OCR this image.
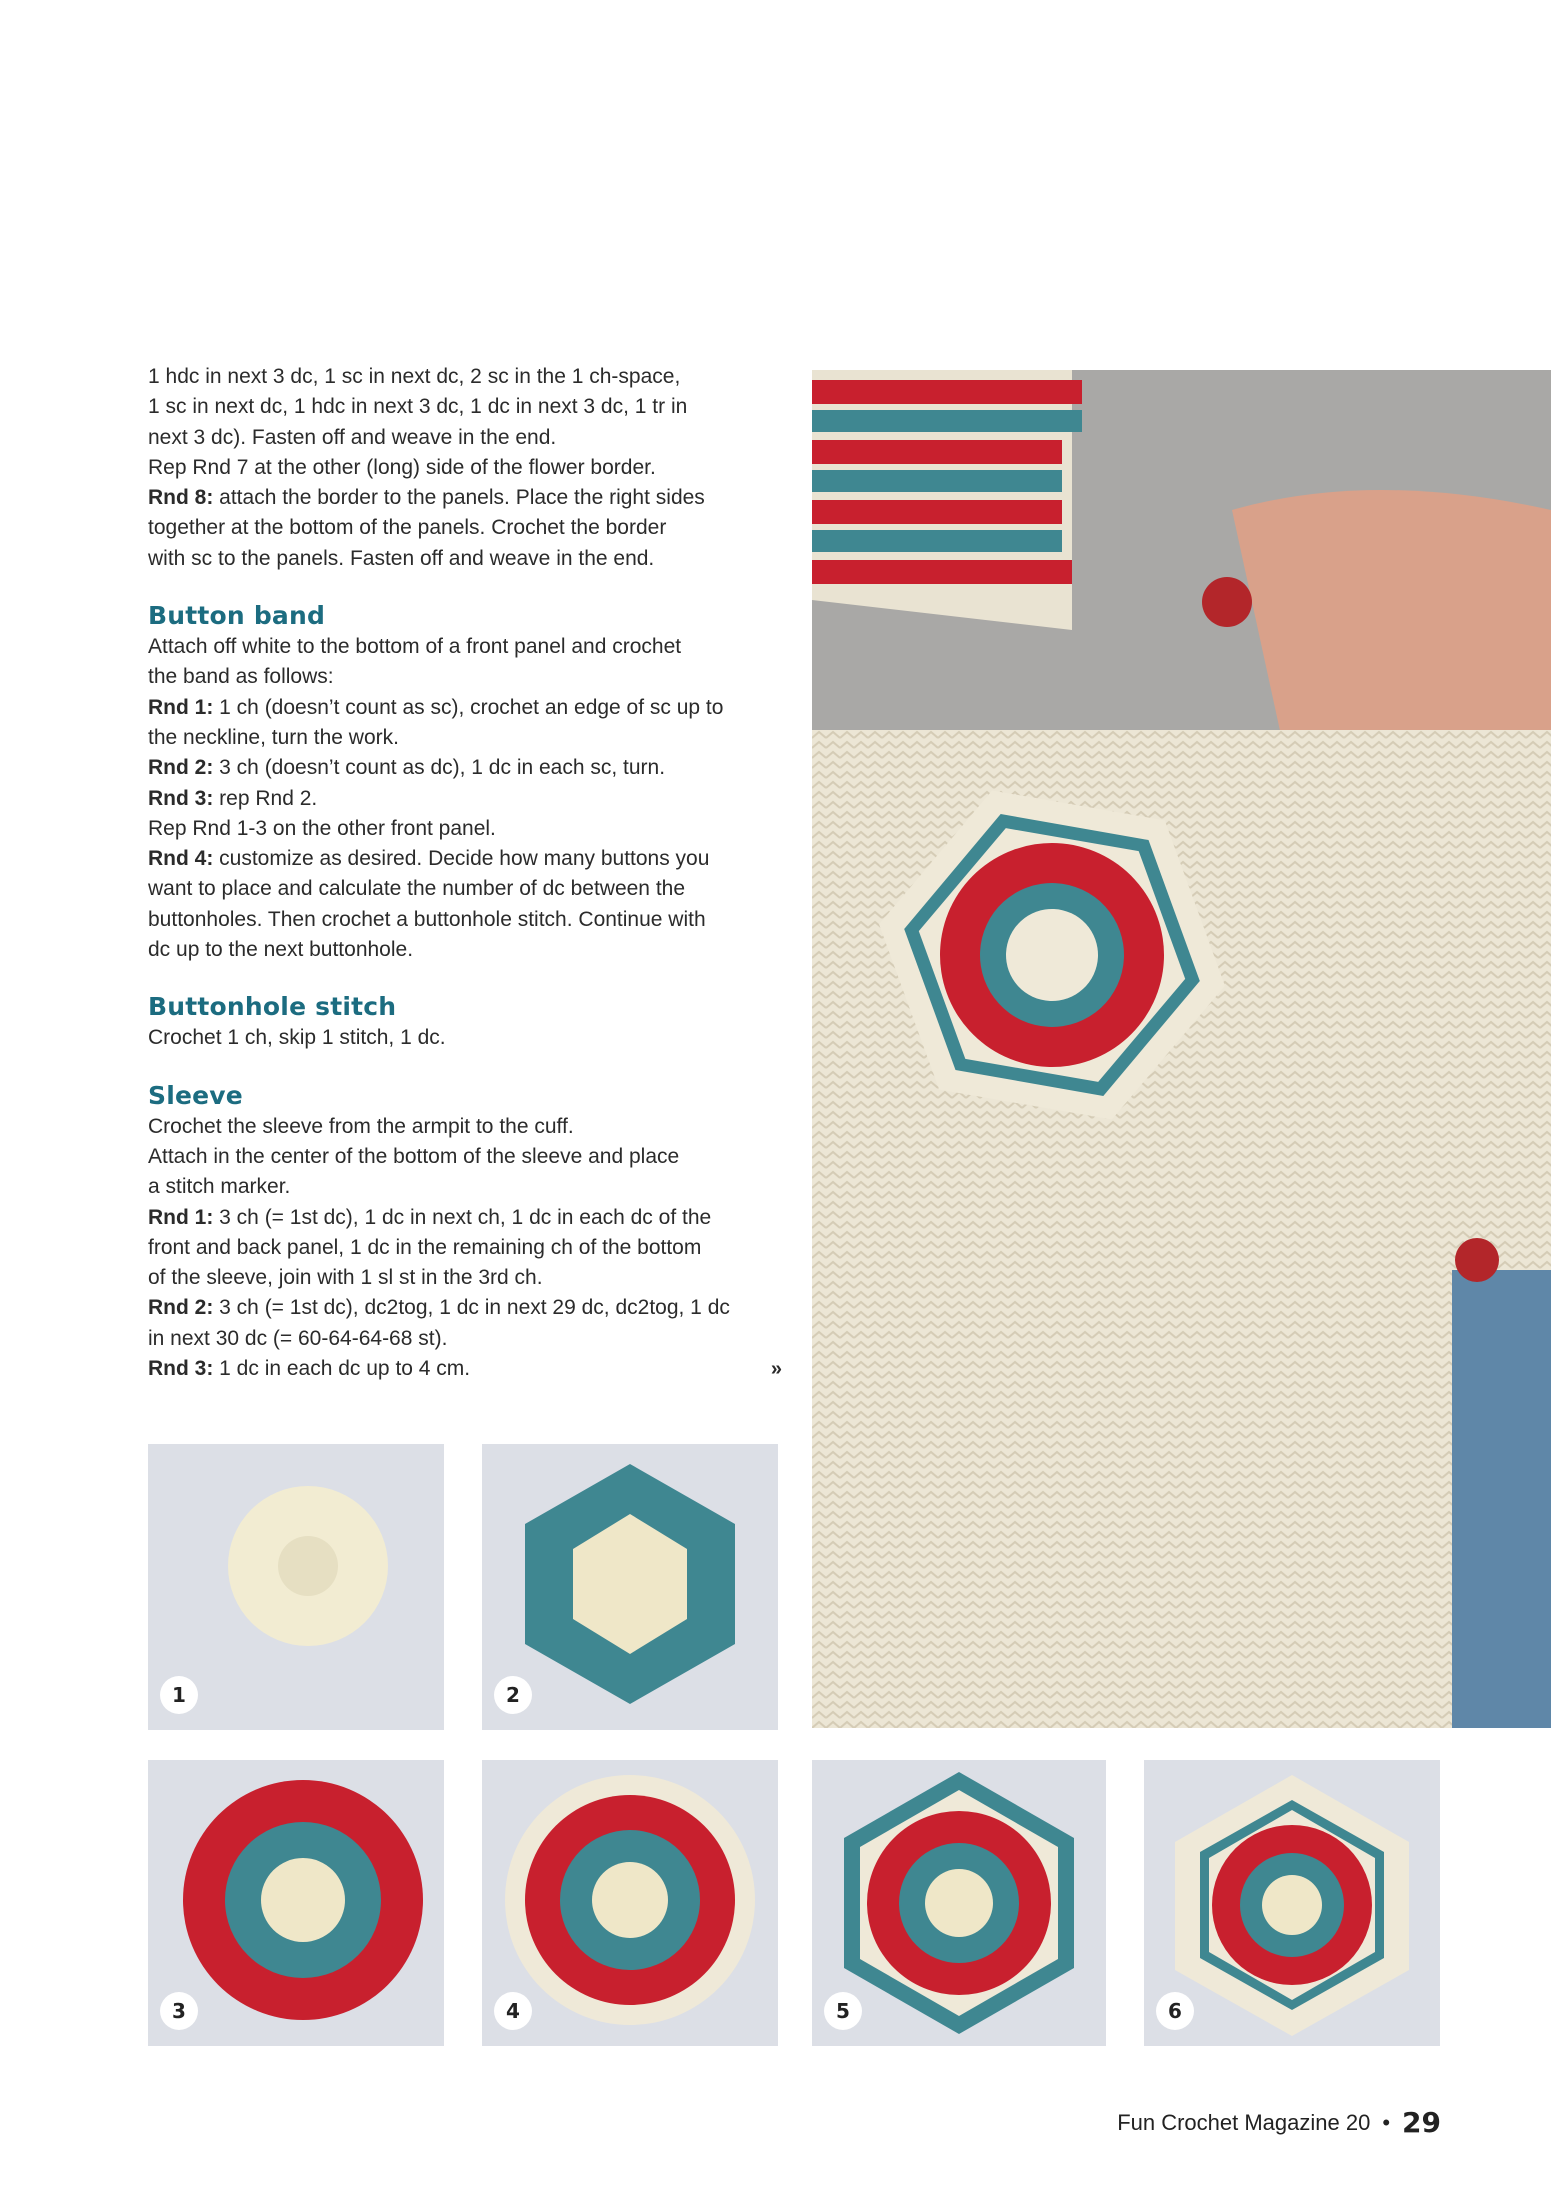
1 hdc in next 3 dc, 1 sc in next dc, 2 sc in the 1 ch-space,

1 sc in next dc, 1 hdc in next 3 dc, 1 dc in next 3 dc, 1 tr in

next 3 dc). Fasten off and weave in the end.

Rep Rnd 7 at the other (long) side of the flower border.

Rnd 8: attach the border to the panels. Place the right sides

together at the bottom of the panels. Crochet the border

with sc to the panels. Fasten off and weave in the end.

Button band

Attach off white to the bottom of a front panel and crochet

the band as follows:

Rnd 1: 1 ch (doesn’t count as sc), crochet an edge of sc up to

the neckline, turn the work.

Rnd 2: 3 ch (doesn’t count as dc), 1 dc in each sc, turn.

Rnd 3: rep Rnd 2.

Rep Rnd 1-3 on the other front panel.

Rnd 4: customize as desired. Decide how many buttons you

want to place and calculate the number of dc between the

buttonholes. Then crochet a buttonhole stitch. Continue with

dc up to the next buttonhole.

Buttonhole stitch

Crochet 1 ch, skip 1 stitch, 1 dc.

Sleeve

Crochet the sleeve from the armpit to the cuff.

Attach in the center of the bottom of the sleeve and place

a stitch marker.

Rnd 1: 3 ch (= 1st dc), 1 dc in next ch, 1 dc in each dc of the

front and back panel, 1 dc in the remaining ch of the bottom

of the sleeve, join with 1 sl st in the 3rd ch.

Rnd 2: 3 ch (= 1st dc), dc2tog, 1 dc in next 29 dc, dc2tog, 1 dc

in next 30 dc (= 60-64-64-68 st).

Rnd 3: 1 dc in each dc up to 4 cm.	»

1	2
3	4	5	6
Fun Crochet Magazine 20 • 29
